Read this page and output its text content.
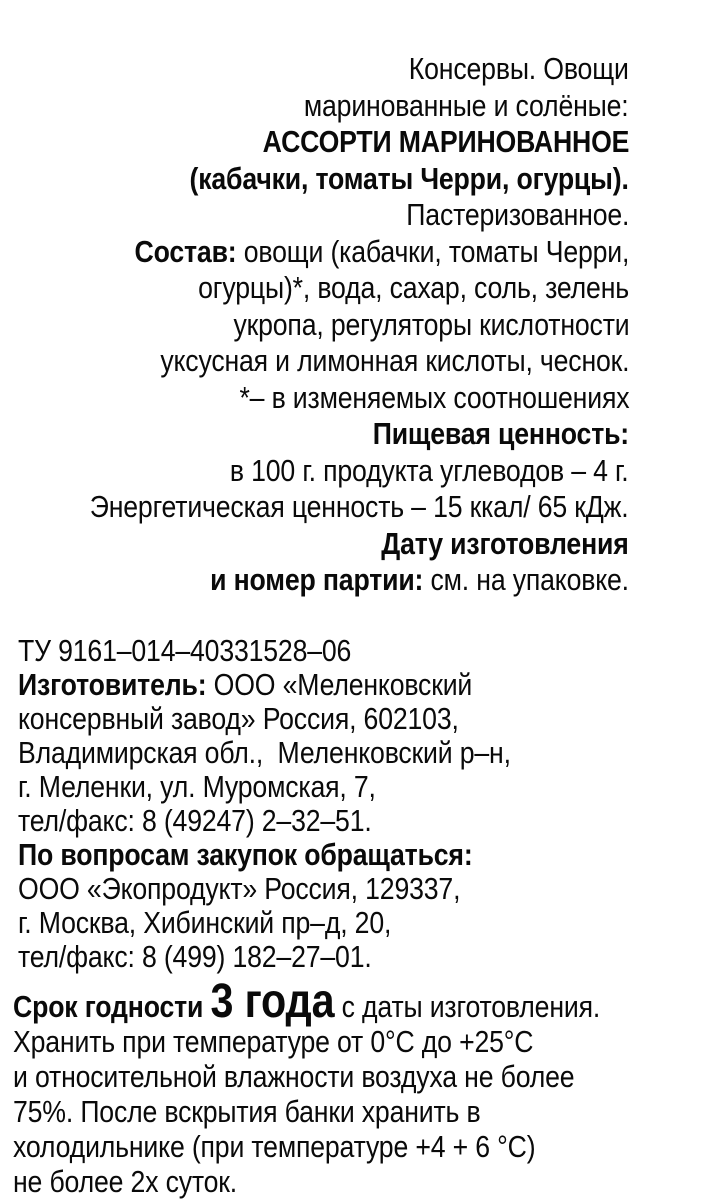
Консервы. Овощи
маринованные и солёные:
АССОРТИ МАРИНОВАННОЕ
(кабачки, томаты Черри, огурцы).
Пастеризованное.
Состав: овощи (кабачки, томаты Черри,
огурцы)*, вода, сахар, соль, зелень
укропа, регуляторы кислотности
уксусная и лимонная кислоты, чеснок.
*– в изменяемых соотношениях
Пищевая ценность:
в 100 г. продукта углеводов – 4 г.
Энергетическая ценность – 15 ккал/ 65 кДж.
Дату изготовления
и номер партии: см. на упаковке.
ТУ 9161–014–40331528–06
Изготовитель: ООО «Меленковский
консервный завод» Россия, 602103,
Владимирская обл.,  Меленковский р–н,
г. Меленки, ул. Муромская, 7,
тел/факс: 8 (49247) 2–32–51.
По вопросам закупок обращаться:
ООО «Экопродукт» Россия, 129337,
г. Москва, Хибинский пр–д, 20,
тел/факс: 8 (499) 182–27–01.
Срок годности 3 года с даты изготовления.
Хранить при температуре от 0°С до +25°С
и относительной влажности воздуха не более
75%. После вскрытия банки хранить в
холодильнике (при температуре +4 + 6 °С)
не более 2х суток.
